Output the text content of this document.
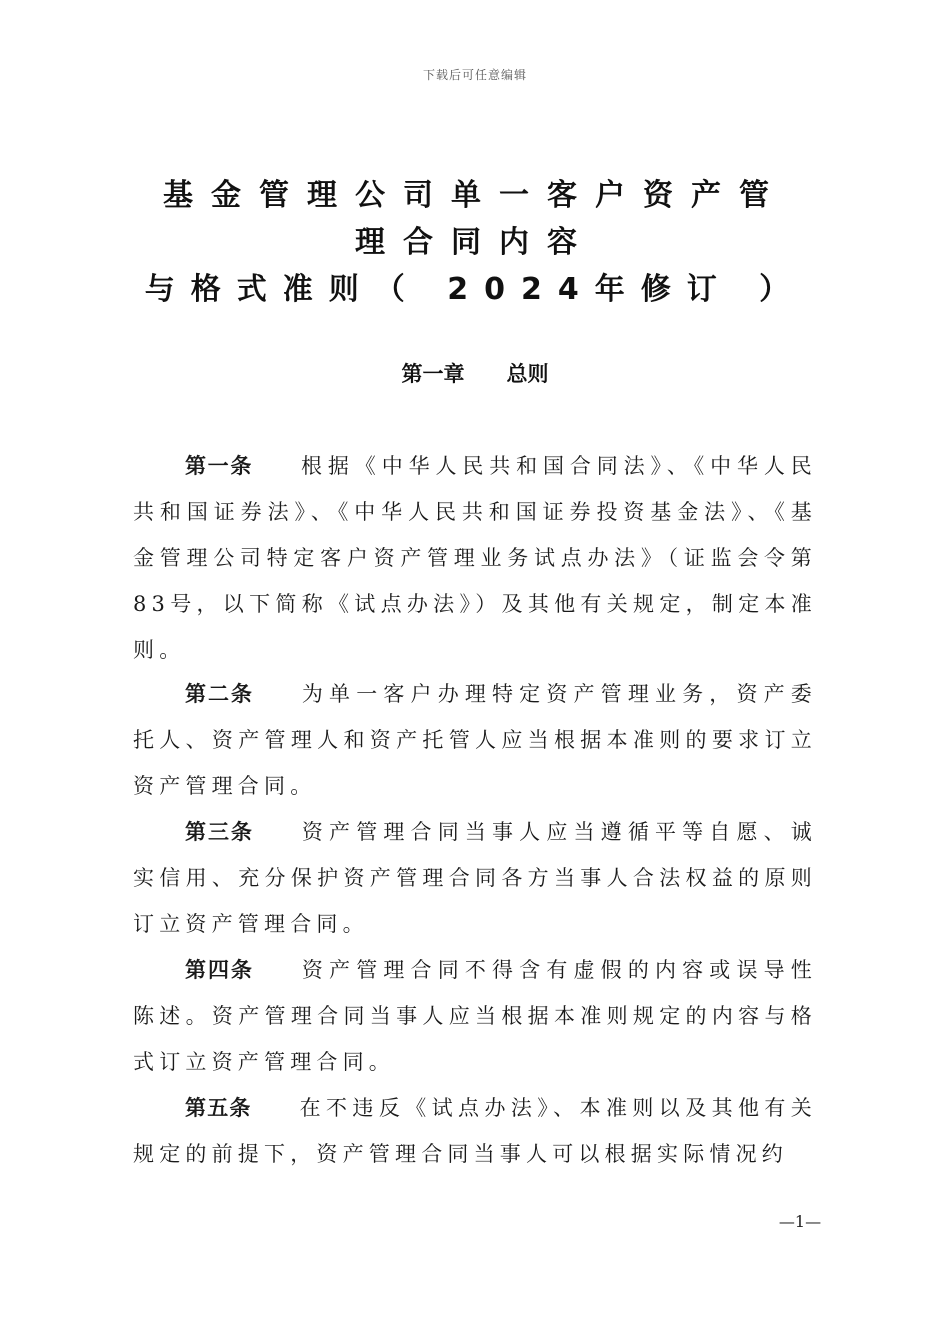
下载后可任意编辑
基金管理公司单一客户资产管
理合同内容
与格式准则（ 2024年修订 ）
第一章　　总则
第一条 根据《中华人民共和国合同法》、《中华人民共和国证券法》、《中华人民共和国证券投资基金法》、《基金管理公司特定客户资产管理业务试点办法》（证监会令第83号，以下简称《试点办法》）及其他有关规定，制定本准则。
第二条 为单一客户办理特定资产管理业务，资产委托人、资产管理人和资产托管人应当根据本准则的要求订立资产管理合同。
第三条 资产管理合同当事人应当遵循平等自愿、诚实信用、充分保护资产管理合同各方当事人合法权益的原则订立资产管理合同。
第四条 资产管理合同不得含有虚假的内容或误导性陈述。资产管理合同当事人应当根据本准则规定的内容与格式订立资产管理合同。
第五条 在不违反《试点办法》、本准则以及其他有关规定的前提下，资产管理合同当事人可以根据实际情况约
—1—
